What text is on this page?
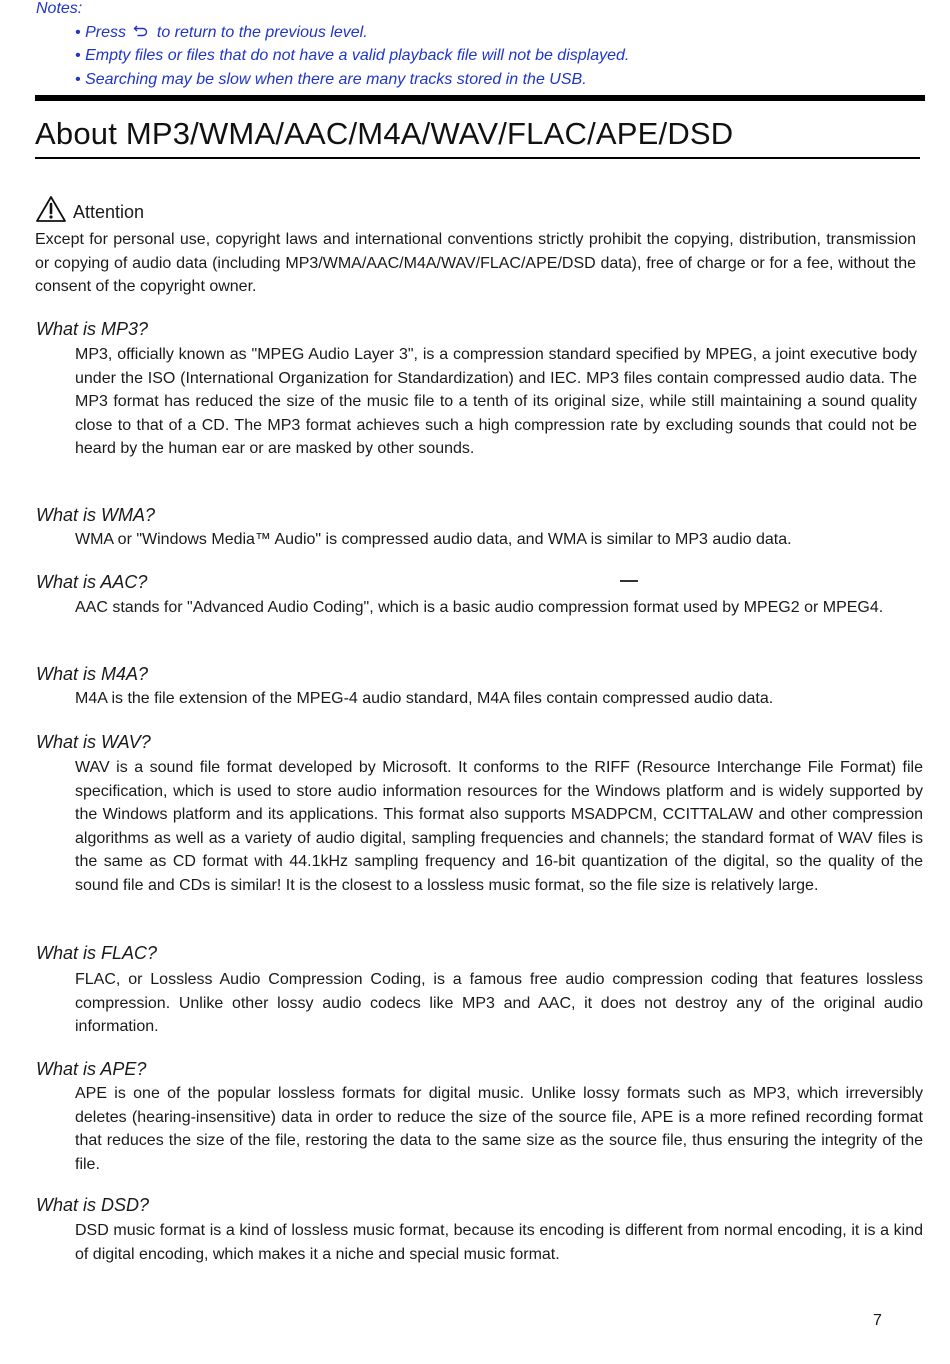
Notes:
• Press to return to the previous level.
• Empty files or files that do not have a valid playback file will not be displayed.
• Searching may be slow when there are many tracks stored in the USB.
About MP3/WMA/AAC/M4A/WAV/FLAC/APE/DSD
Attention

Except for personal use, copyright laws and international conventions strictly prohibit the copying, distribution, transmission or copying of audio data (including MP3/WMA/AAC/M4A/WAV/FLAC/APE/DSD data), free of charge or for a fee, without the consent of the copyright owner.

What is MP3?

MP3, officially known as "MPEG Audio Layer 3", is a compression standard specified by MPEG, a joint executive body under the ISO (International Organization for Standardization) and IEC. MP3 files contain compressed audio data. The MP3 format has reduced the size of the music file to a tenth of its original size, while still maintaining a sound quality close to that of a CD. The MP3 format achieves such a high compression rate by excluding sounds that could not be heard by the human ear or are masked by other sounds.

What is WMA?

WMA or "Windows Media™ Audio" is compressed audio data, and WMA is similar to MP3 audio data.

What is AAC?

AAC stands for "Advanced Audio Coding", which is a basic audio compression format used by MPEG2 or MPEG4.

What is M4A?

M4A is the file extension of the MPEG-4 audio standard, M4A files contain compressed audio data.

What is WAV?

WAV is a sound file format developed by Microsoft. It conforms to the RIFF (Resource Interchange File Format) file specification, which is used to store audio information resources for the Windows platform and is widely supported by the Windows platform and its applications. This format also supports MSADPCM, CCITTALAW and other compression algorithms as well as a variety of audio digital, sampling frequencies and channels; the standard format of WAV files is the same as CD format with 44.1kHz sampling frequency and 16-bit quantization of the digital, so the quality of the sound file and CDs is similar! It is the closest to a lossless music format, so the file size is relatively large.

What is FLAC?

FLAC, or Lossless Audio Compression Coding, is a famous free audio compression coding that features lossless compression. Unlike other lossy audio codecs like MP3 and AAC, it does not destroy any of the original audio information.

What is APE?

APE is one of the popular lossless formats for digital music. Unlike lossy formats such as MP3, which irreversibly deletes (hearing-insensitive) data in order to reduce the size of the source file, APE is a more refined recording format that reduces the size of the file, restoring the data to the same size as the source file, thus ensuring the integrity of the file.

What is DSD?

DSD music format is a kind of lossless music format, because its encoding is different from normal encoding, it is a kind of digital encoding, which makes it a niche and special music format.

7
